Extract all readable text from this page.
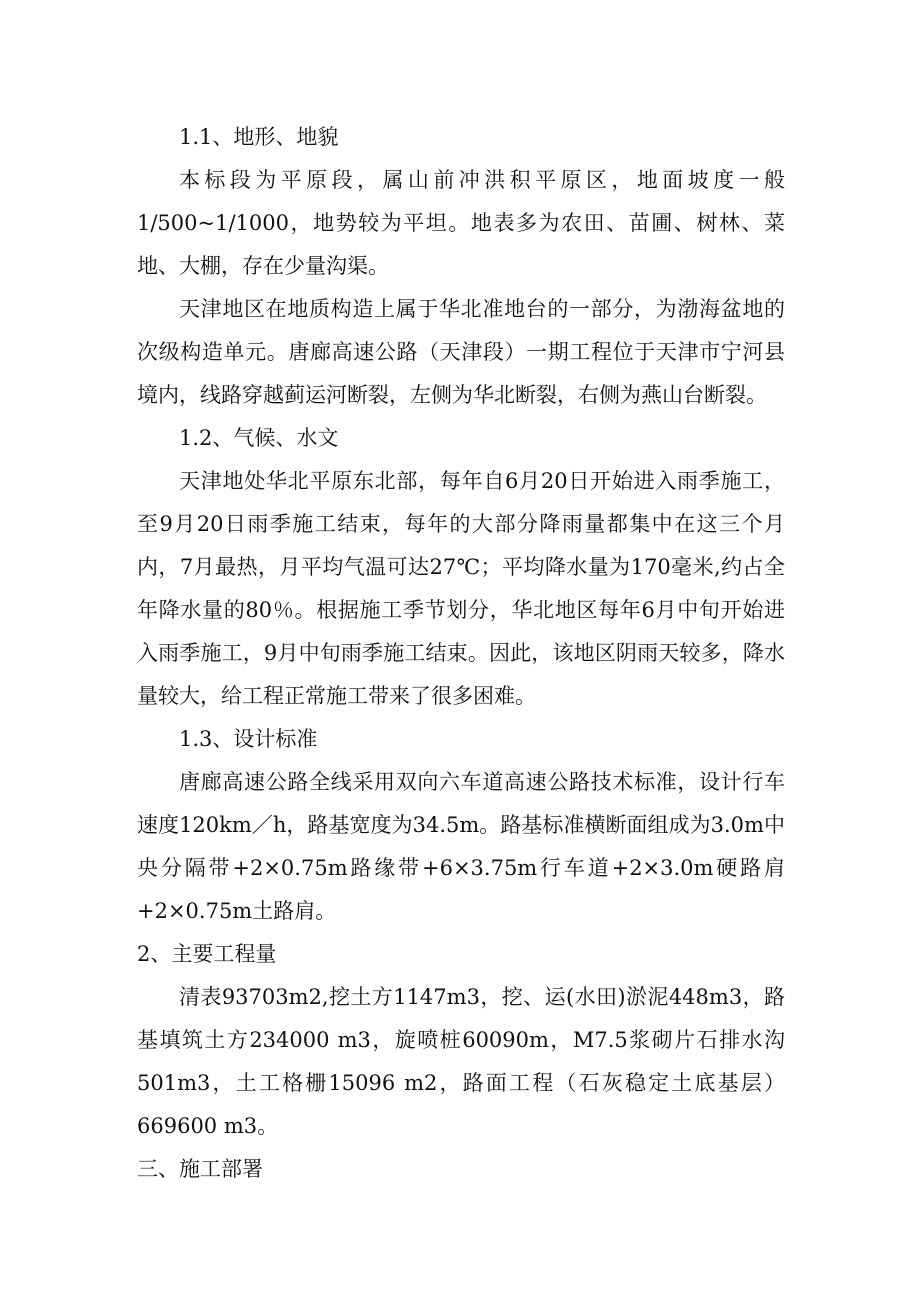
1.1、地形、地貌

本标段为平原段，属山前冲洪积平原区，地面坡度一般1/500~1/1000，地势较为平坦。地表多为农田、苗圃、树林、菜地、大棚，存在少量沟渠。

天津地区在地质构造上属于华北准地台的一部分，为渤海盆地的次级构造单元。唐廊高速公路（天津段）一期工程位于天津市宁河县境内，线路穿越蓟运河断裂，左侧为华北断裂，右侧为燕山台断裂。

1.2、气候、水文

天津地处华北平原东北部，每年自6月20日开始进入雨季施工，至9月20日雨季施工结束，每年的大部分降雨量都集中在这三个月内，7月最热，月平均气温可达27℃；平均降水量为170毫米,约占全年降水量的80％。根据施工季节划分，华北地区每年6月中旬开始进入雨季施工，9月中旬雨季施工结束。因此，该地区阴雨天较多，降水量较大，给工程正常施工带来了很多困难。

1.3、设计标准

唐廊高速公路全线采用双向六车道高速公路技术标准，设计行车速度120km／h，路基宽度为34.5m。路基标准横断面组成为3.0m中央分隔带+2×0.75m路缘带+6×3.75m行车道+2×3.0m硬路肩+2×0.75m土路肩。

2、主要工程量

清表93703m2,挖土方1147m3，挖、运(水田)淤泥448m3，路基填筑土方234000 m3，旋喷桩60090m，M7.5浆砌片石排水沟501m3，土工格栅15096 m2，路面工程（石灰稳定土底基层）669600 m3。

三、施工部署
